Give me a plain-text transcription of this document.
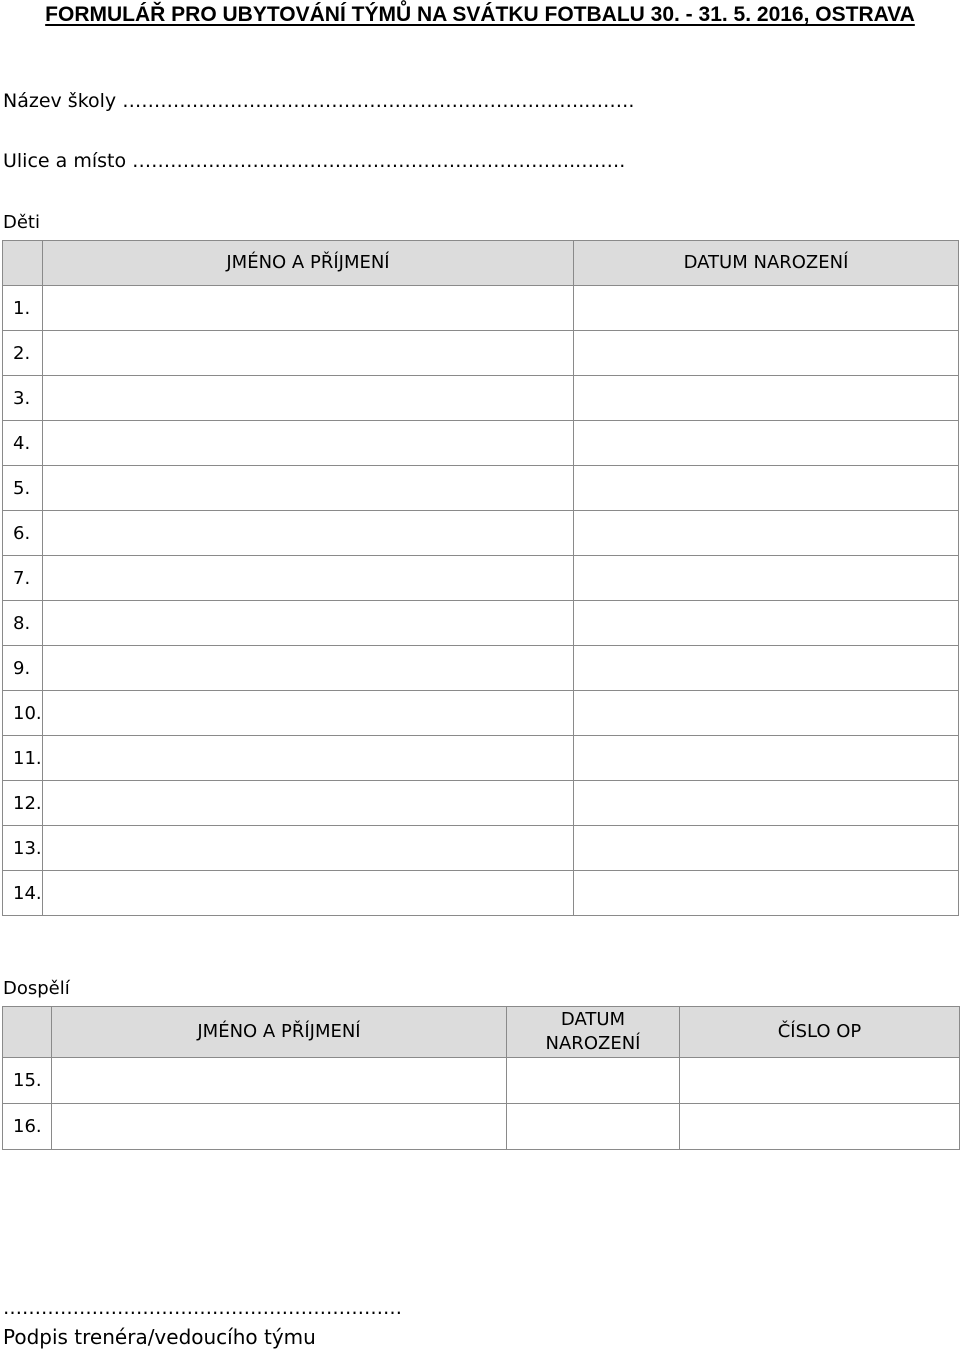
FORMULÁŘ PRO UBYTOVÁNÍ TÝMŮ NA SVÁTKU FOTBALU 30. - 31. 5. 2016, OSTRAVA
Název školy ………………………………………………………………..…….
Ulice a místo ……………………………………………………………..…….
Děti
	JMÉNO A PŘÍJMENÍ	DATUM NAROZENÍ
1.		
2.		
3.		
4.		
5.		
6.		
7.		
8.		
9.		
10.		
11.		
12.		
13.		
14.		
Dospělí
	JMÉNO A PŘÍJMENÍ	DATUM NAROZENÍ	ČÍSLO OP
15.			
16.			
………………………………………………………
Podpis trenéra/vedoucího týmu
